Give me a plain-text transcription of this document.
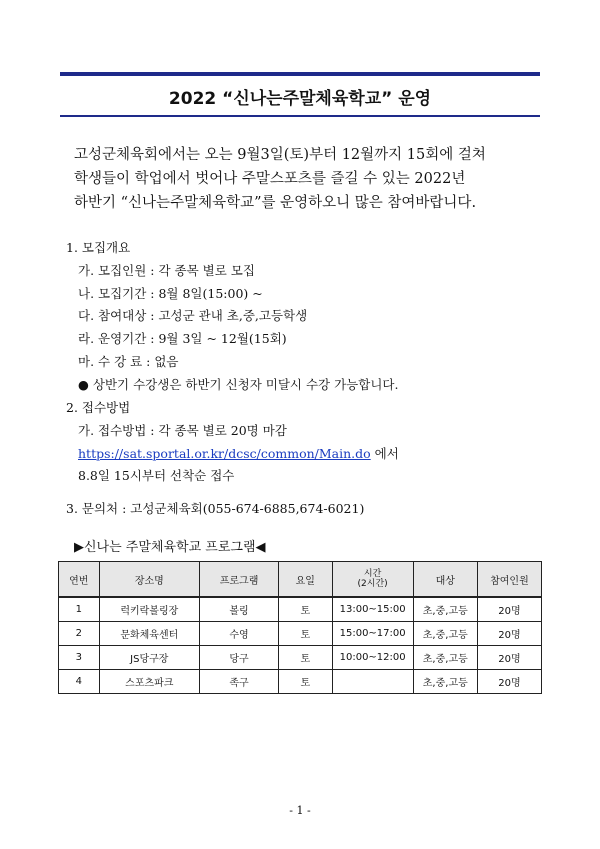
2022 “신나는주말체육학교” 운영
고성군체육회에서는 오는 9월3일(토)부터 12월까지 15회에 걸쳐
학생들이 학업에서 벗어나 주말스포츠를 즐길 수 있는 2022년
하반기 “신나는주말체육학교”를 운영하오니 많은 참여바랍니다.
1. 모집개요
가. 모집인원 : 각 종목 별로 모집
나. 모집기간 : 8월 8일(15:00) ~
다. 참여대상 : 고성군 관내 초,중,고등학생
라. 운영기간 : 9월 3일 ~ 12월(15회)
마. 수 강 료 : 없음
● 상반기 수강생은 하반기 신청자 미달시 수강 가능합니다.
2. 접수방법
가. 접수방법 : 각 종목 별로 20명 마감
https://sat.sportal.or.kr/dcsc/common/Main.do 에서
8.8일 15시부터 선착순 접수
3. 문의처 : 고성군체육회(055-674-6885,674-6021)
▶신나는 주말체육학교 프로그램◀
연번	장소명	프로그램	요일	시간
(2시간)	대상	참여인원
1	럭키락볼링장	볼링	토	13:00~15:00	초,중,고등	20명
2	문화체육센터	수영	토	15:00~17:00	초,중,고등	20명
3	JS당구장	당구	토	10:00~12:00	초,중,고등	20명
4	스포츠파크	족구	토		초,중,고등	20명
- 1 -
